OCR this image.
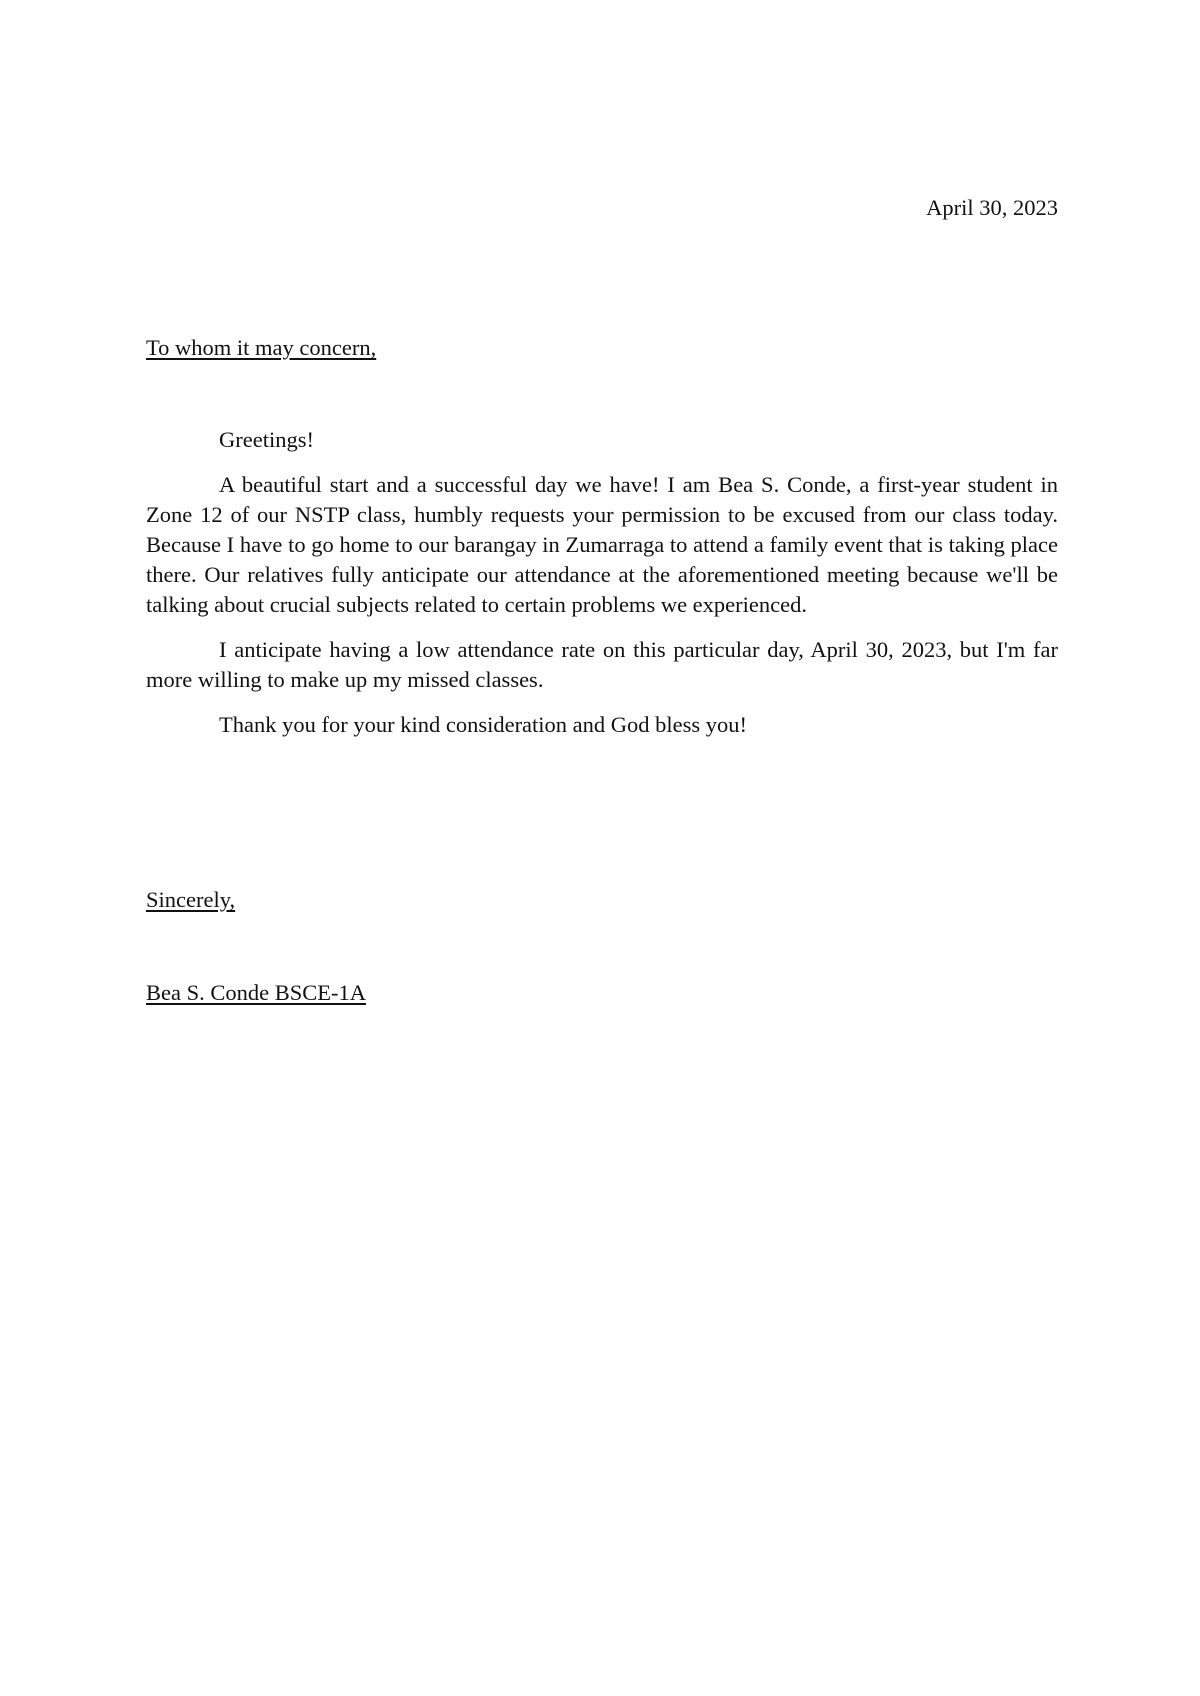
April 30, 2023
To whom it may concern,

Greetings!

A beautiful start and a successful day we have! I am Bea S. Conde, a first-year student in Zone 12 of our NSTP class, humbly requests your permission to be excused from our class today. Because I have to go home to our barangay in Zumarraga to attend a family event that is taking place there. Our relatives fully anticipate our attendance at the aforementioned meeting because we'll be talking about crucial subjects related to certain problems we experienced.

I anticipate having a low attendance rate on this particular day, April 30, 2023, but I'm far more willing to make up my missed classes.

Thank you for your kind consideration and God bless you!

Sincerely,
Bea S. Conde BSCE-1A
